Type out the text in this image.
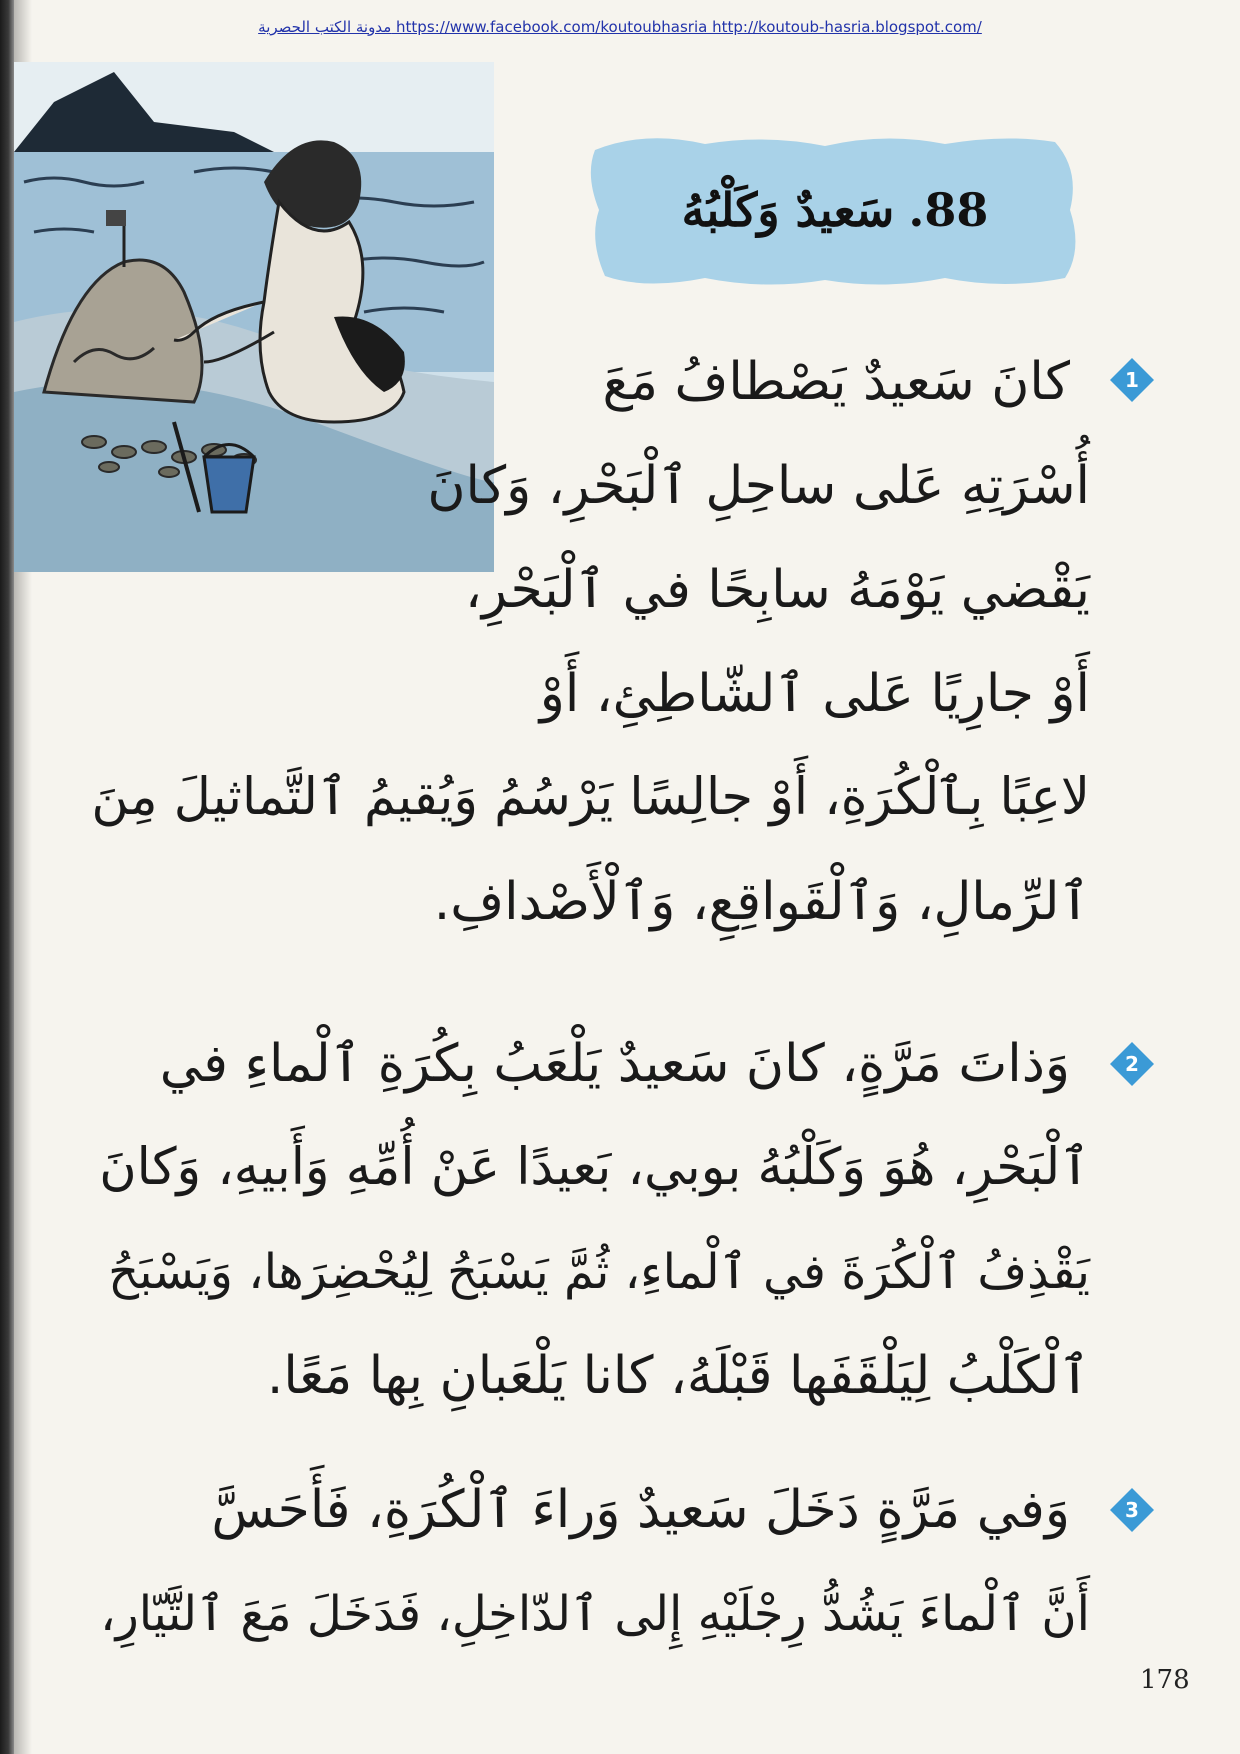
مدونة الكتب الحصرية https://www.facebook.com/koutoubhasria http://koutoub-hasria.blogspot.com/
88.
سَعيدٌ وَكَلْبُهُ
1
كانَ سَعيدٌ يَصْطافُ مَعَ
أُسْرَتِهِ عَلى ساحِلِ ٱلْبَحْرِ، وَكانَ
يَقْضي يَوْمَهُ سابِحًا في ٱلْبَحْرِ،
أَوْ جارِيًا عَلى ٱلشّاطِئِ، أَوْ
لاعِبًا بِٱلْكُرَةِ، أَوْ جالِسًا يَرْسُمُ وَيُقيمُ ٱلتَّماثيلَ مِنَ
ٱلرِّمالِ، وَٱلْقَواقِعِ، وَٱلْأَصْدافِ.
2
وَذاتَ مَرَّةٍ، كانَ سَعيدٌ يَلْعَبُ بِكُرَةِ ٱلْماءِ في
ٱلْبَحْرِ، هُوَ وَكَلْبُهُ بوبي، بَعيدًا عَنْ أُمِّهِ وَأَبيهِ، وَكانَ
يَقْذِفُ ٱلْكُرَةَ في ٱلْماءِ، ثُمَّ يَسْبَحُ لِيُحْضِرَها، وَيَسْبَحُ
ٱلْكَلْبُ لِيَلْقَفَها قَبْلَهُ، كانا يَلْعَبانِ بِها مَعًا.
3
وَفي مَرَّةٍ دَخَلَ سَعيدٌ وَراءَ ٱلْكُرَةِ، فَأَحَسَّ
أَنَّ ٱلْماءَ يَشُدُّ رِجْلَيْهِ إِلى ٱلدّاخِلِ، فَدَخَلَ مَعَ ٱلتَّيّارِ،
178
